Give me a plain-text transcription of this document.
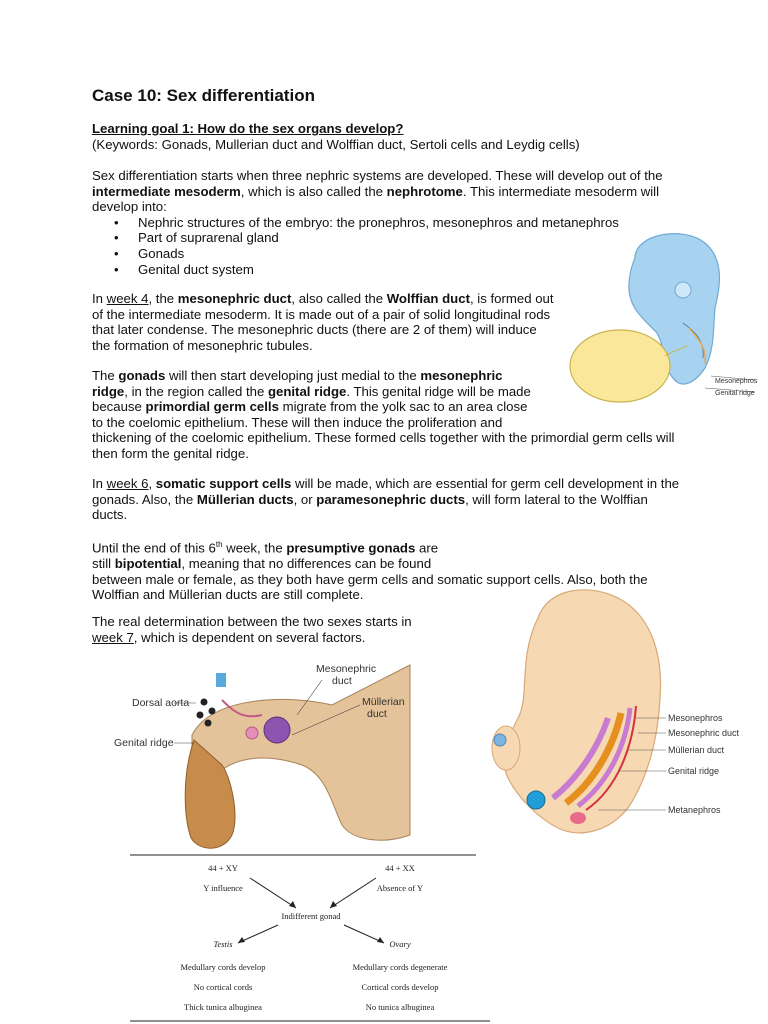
Case 10: Sex differentiation
Learning goal 1: How do the sex organs develop?
(Keywords: Gonads, Mullerian duct and Wolffian duct, Sertoli cells and Leydig cells)
Sex differentiation starts when three nephric systems are developed. These will develop out of the intermediate mesoderm, which is also called the nephrotome. This intermediate mesoderm will develop into:
• Nephric structures of the embryo: the pronephros, mesonephros and metanephros
• Part of suprarenal gland
• Gonads
• Genital duct system
In week 4, the mesonephric duct, also called the Wolffian duct, is formed out of the intermediate mesoderm. It is made out of a pair of solid longitudinal rods that later condense. The mesonephric ducts (there are 2 of them) will induce the formation of mesonephric tubules.
The gonads will then start developing just medial to the mesonephric ridge, in the region called the genital ridge. This genital ridge will be made because primordial germ cells migrate from the yolk sac to an area close to the coelomic epithelium. These will then induce the proliferation and thickening of the coelomic epithelium. These formed cells together with the primordial germ cells will then form the genital ridge.
In week 6, somatic support cells will be made, which are essential for germ cell development in the gonads. Also, the Müllerian ducts, or paramesonephric ducts, will form lateral to the Wolffian ducts.
Until the end of this 6th week, the presumptive gonads are still bipotential, meaning that no differences can be found between male or female, as they both have germ cells and somatic support cells. Also, both the Wolffian and Müllerian ducts are still complete.
The real determination between the two sexes starts in week 7, which is dependent on several factors.
Mesonephros
Genital ridge
Mesonephros
Mesonephric duct
Müllerian duct
Genital ridge
Metanephros
Mesonephric
duct
Müllerian
duct
Dorsal aorta
Genital ridge
44 + XY	44 + XX
Y influence	Absence of Y
Indifferent gonad
Testis	Ovary
Medullary cords develop	Medullary cords degenerate
No cortical cords	Cortical cords develop
Thick tunica albuginea	No tunica albuginea
